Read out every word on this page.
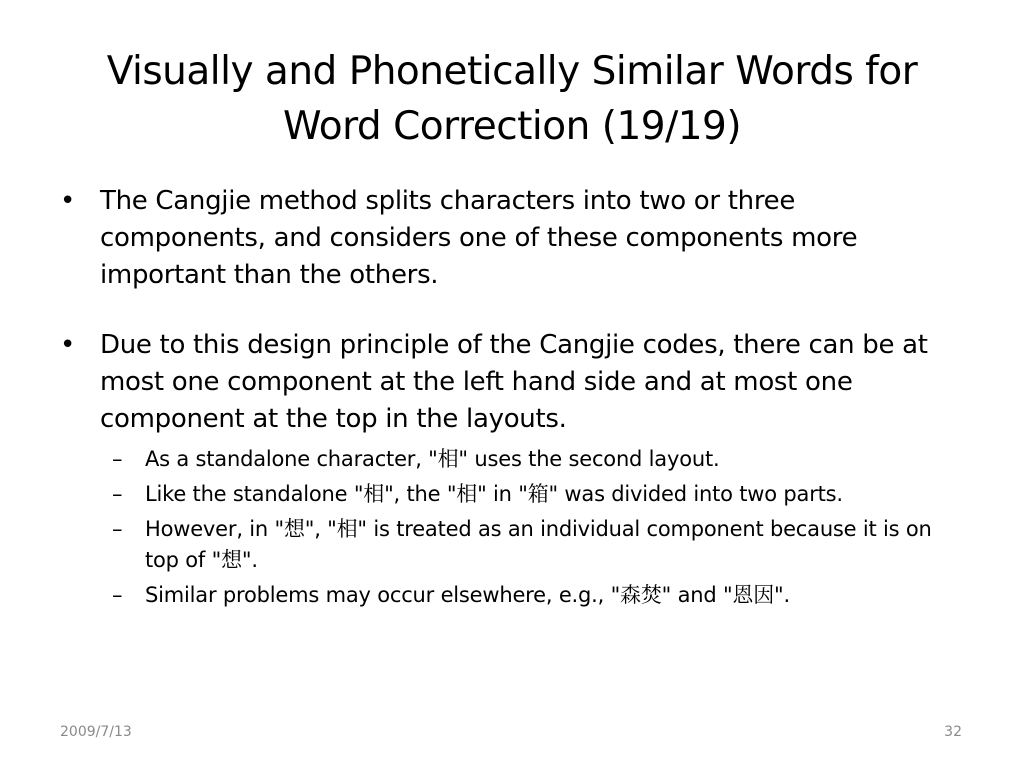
Visually and Phonetically Similar Words for
Word Correction (19/19)
• The Cangjie method splits characters into two or three components, and considers one of these components more important than the others.
• Due to this design principle of the Cangjie codes, there can be at most one component at the left hand side and at most one component at the top in the layouts.
– As a standalone character, "相" uses the second layout.
– Like the standalone "相", the "相" in "箱" was divided into two parts.
– However, in "想", "相" is treated as an individual component because it is on top of "想".
– Similar problems may occur elsewhere, e.g., "森焚" and "恩因".
2009/7/13	32
